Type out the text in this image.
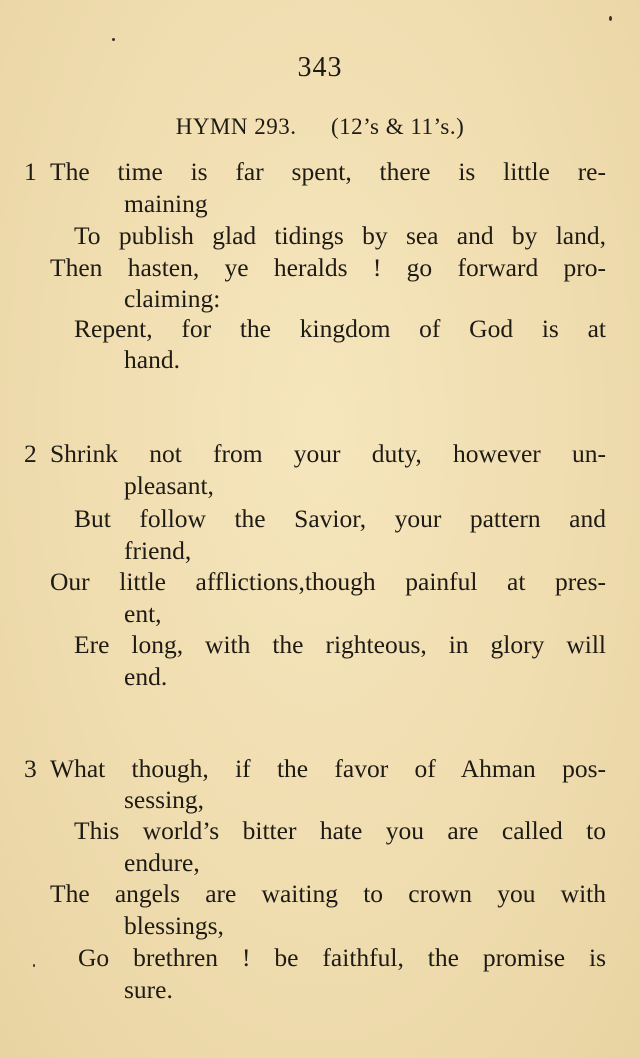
343
HYMN 293. (12’s & 11’s.)
1 The time is far spent, there is little re-
maining
To publish glad tidings by sea and by land,
Then hasten, ye heralds ! go forward pro-
claiming:
Repent, for the kingdom of God is at
hand.
2 Shrink not from your duty, however un-
pleasant,
But follow the Savior, your pattern and
friend,
Our little afflictions,though painful at pres-
ent,
Ere long, with the righteous, in glory will
end.
3 What though, if the favor of Ahman pos-
sessing,
This world’s bitter hate you are called to
endure,
The angels are waiting to crown you with
blessings,
Go brethren ! be faithful, the promise is
sure.
